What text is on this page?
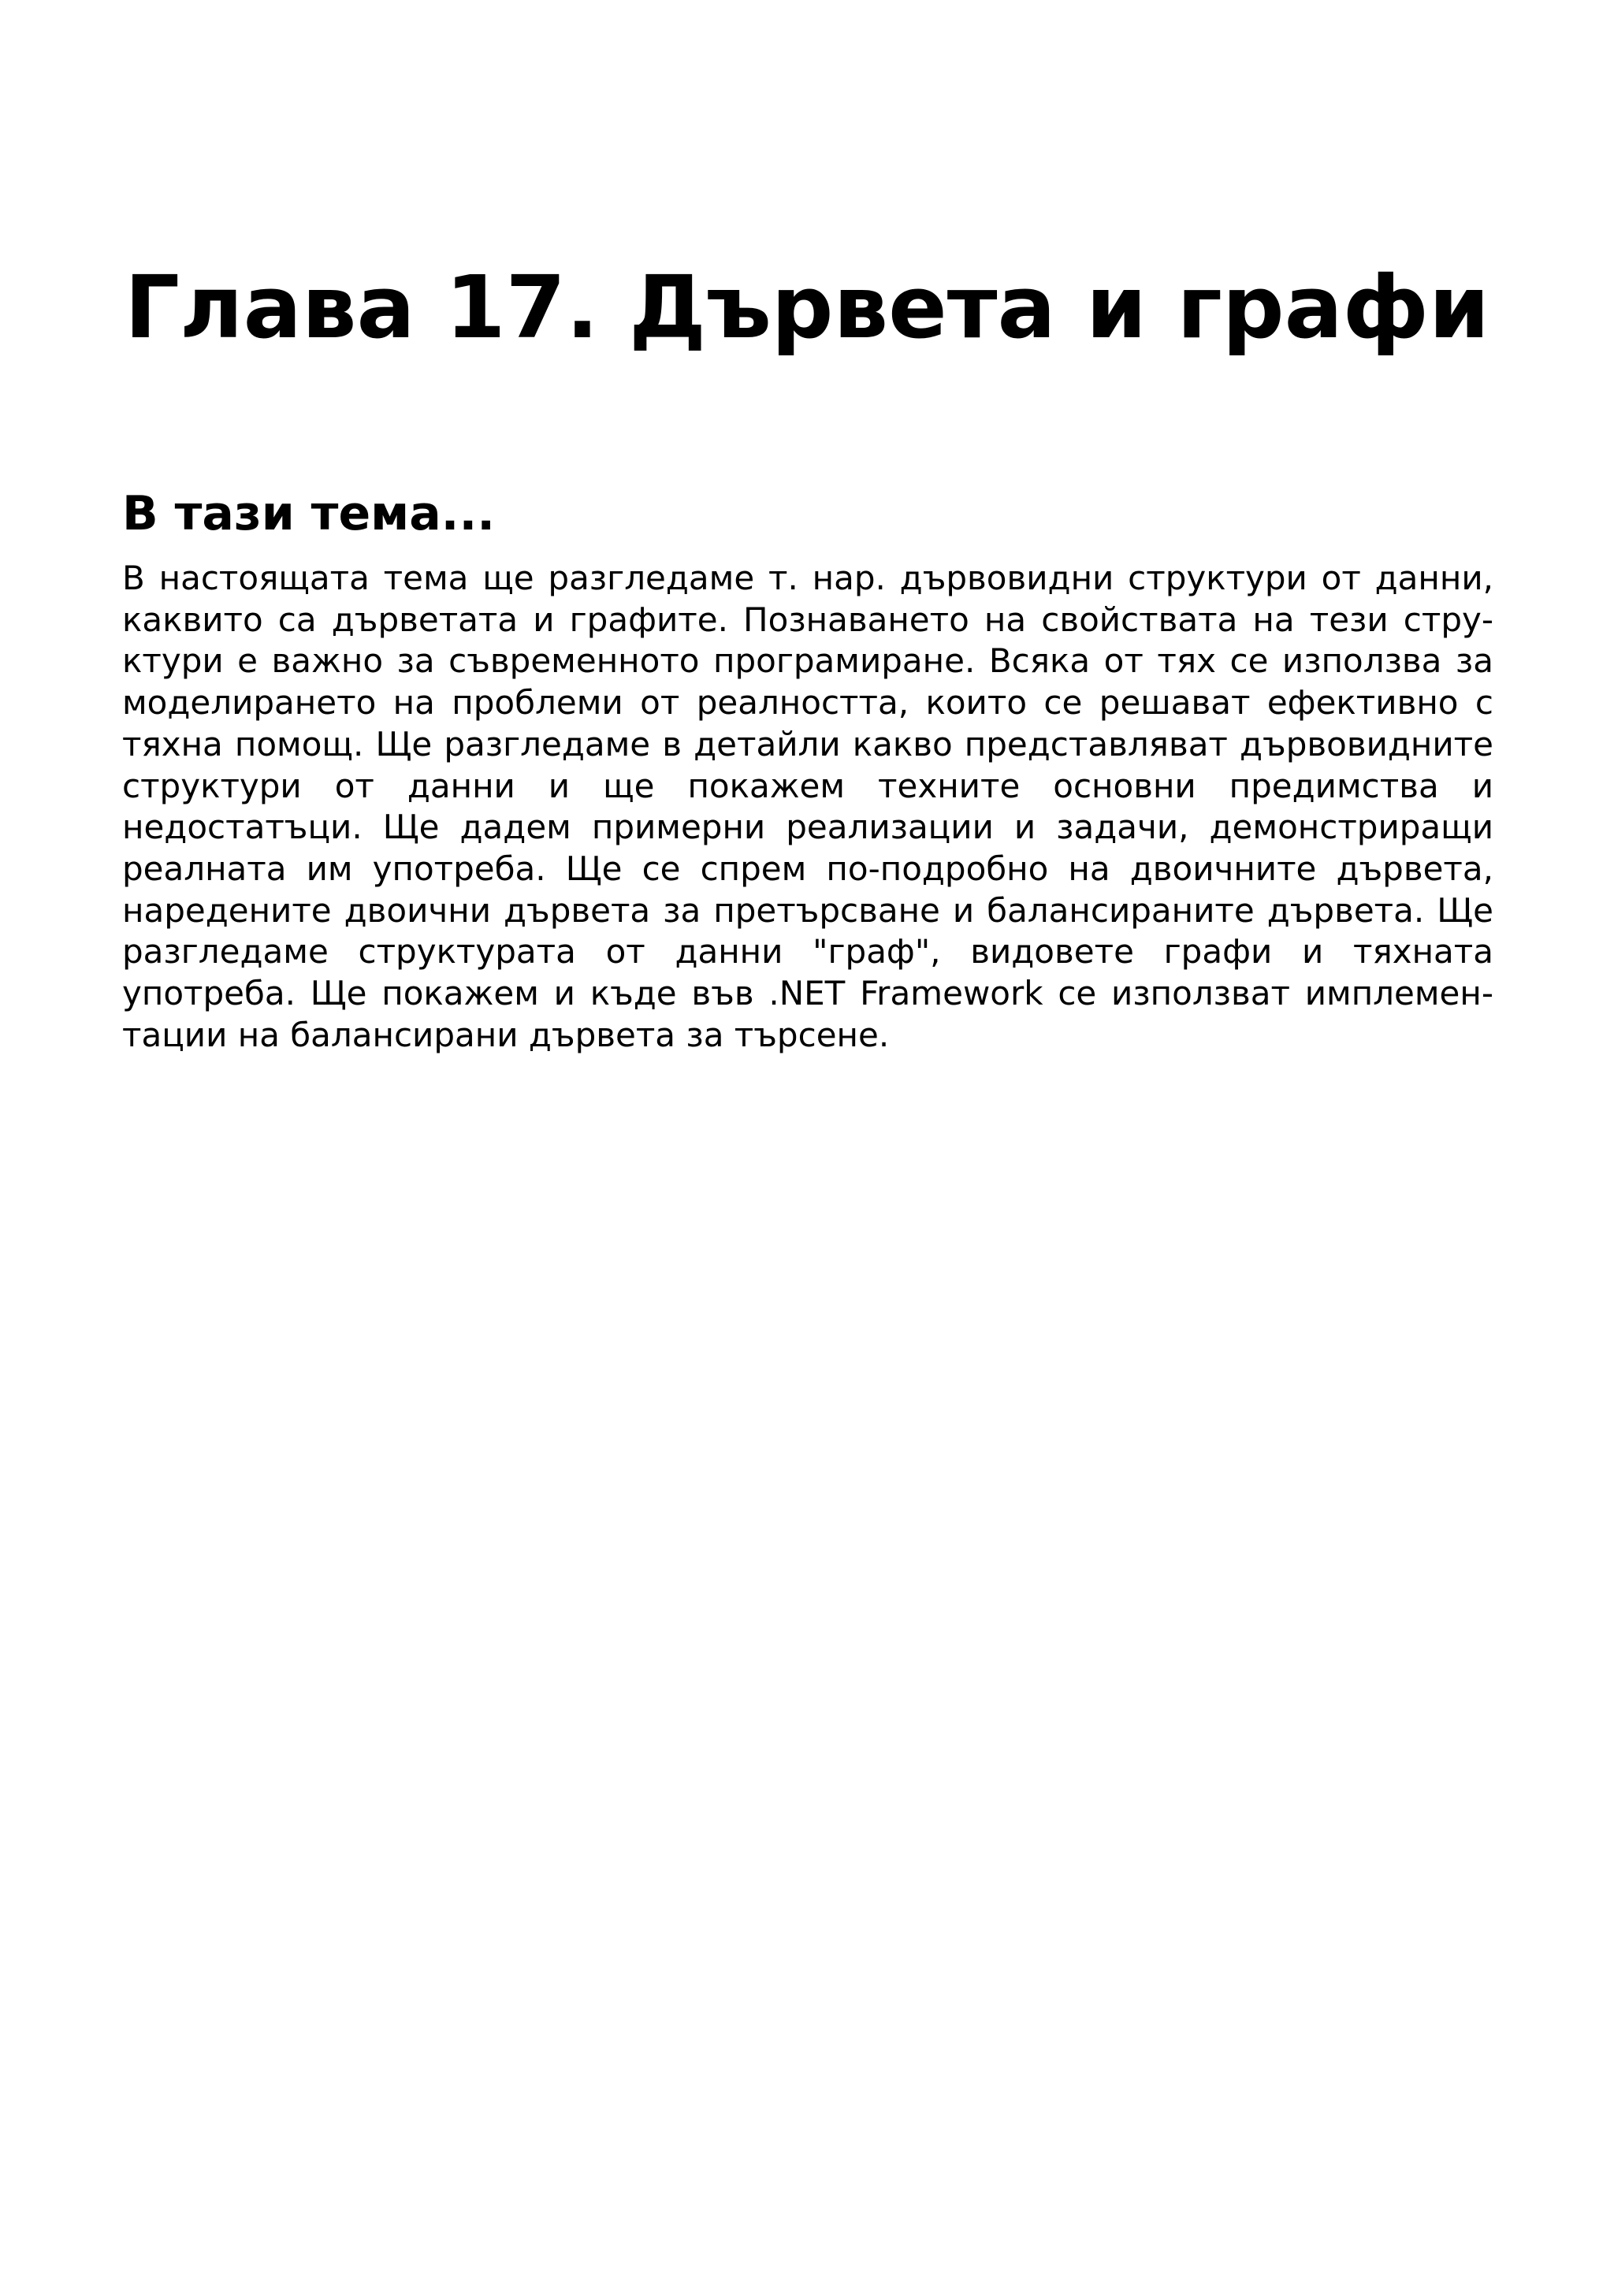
Глава 17. Дървета и графи
В тази тема...

В настоящата тема ще разгледаме т. нар. дървовидни структури от данни, каквито са дърветата и графите. Познаването на свойствата на тези структури е важно за съвременното програмиране. Всяка от тях се използва за моделирането на проблеми от реалността, които се решават ефективно с тяхна помощ. Ще разгледаме в детайли какво представляват дървовидните структури от данни и ще покажем техните основни предимства и недостатъци. Ще дадем примерни реализации и задачи, демонстриращи реалната им употреба. Ще се спрем по-подробно на двоичните дървета, наредените двоични дървета за претърсване и балансираните дървета. Ще разгледаме структурата от данни "граф", видовете графи и тяхната употреба. Ще покажем и къде във .NET Framework се използват имплементации на балансирани дървета за търсене.
